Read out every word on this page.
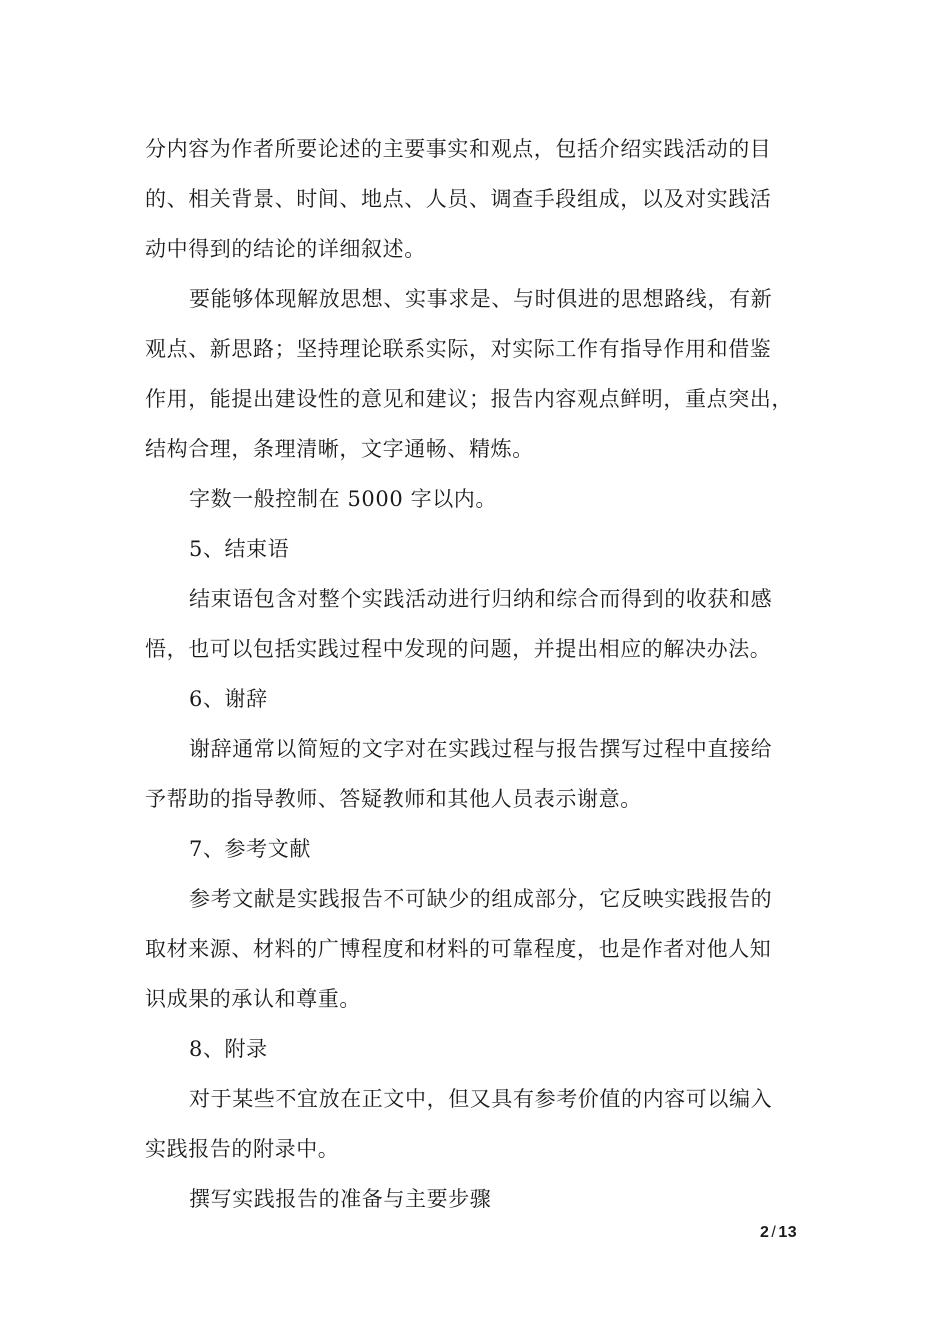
分内容为作者所要论述的主要事实和观点，包括介绍实践活动的目
的、相关背景、时间、地点、人员、调查手段组成，以及对实践活
动中得到的结论的详细叙述。
要能够体现解放思想、实事求是、与时俱进的思想路线，有新
观点、新思路；坚持理论联系实际，对实际工作有指导作用和借鉴
作用，能提出建设性的意见和建议；报告内容观点鲜明，重点突出，
结构合理，条理清晰，文字通畅、精炼。
字数一般控制在 5000 字以内。
5、结束语
结束语包含对整个实践活动进行归纳和综合而得到的收获和感
悟，也可以包括实践过程中发现的问题，并提出相应的解决办法。
6、谢辞
谢辞通常以简短的文字对在实践过程与报告撰写过程中直接给
予帮助的指导教师、答疑教师和其他人员表示谢意。
7、参考文献
参考文献是实践报告不可缺少的组成部分，它反映实践报告的
取材来源、材料的广博程度和材料的可靠程度，也是作者对他人知
识成果的承认和尊重。
8、附录
对于某些不宜放在正文中，但又具有参考价值的内容可以编入
实践报告的附录中。
撰写实践报告的准备与主要步骤
2 / 13
